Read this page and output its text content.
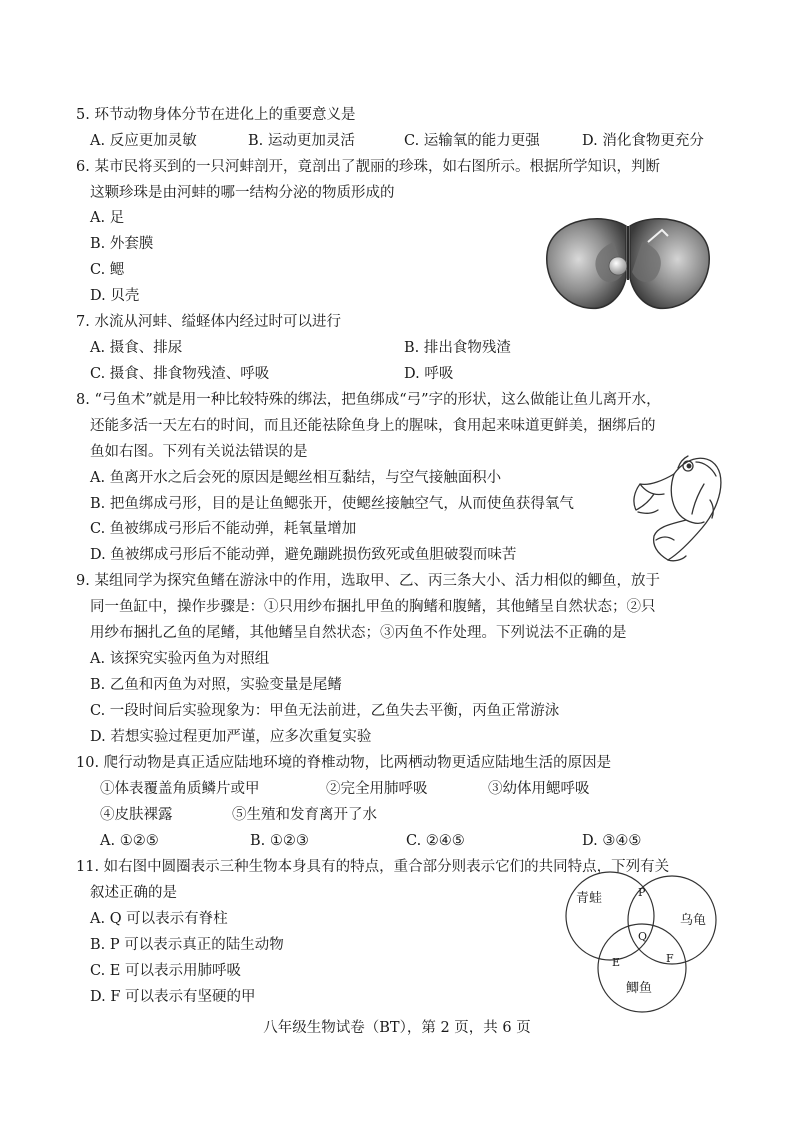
5. 环节动物身体分节在进化上的重要意义是
A. 反应更加灵敏	B. 运动更加灵活	C. 运输氧的能力更强	D. 消化食物更充分
6. 某市民将买到的一只河蚌剖开，竟剖出了靓丽的珍珠，如右图所示。根据所学知识，判断
这颗珍珠是由河蚌的哪一结构分泌的物质形成的
A. 足
B. 外套膜
C. 鳃
D. 贝壳
7. 水流从河蚌、缢蛏体内经过时可以进行
A. 摄食、排尿	B. 排出食物残渣
C. 摄食、排食物残渣、呼吸	D. 呼吸
8. “弓鱼术”就是用一种比较特殊的绑法，把鱼绑成“弓”字的形状，这么做能让鱼儿离开水，
还能多活一天左右的时间，而且还能祛除鱼身上的腥味，食用起来味道更鲜美，捆绑后的
鱼如右图。下列有关说法错误的是
A. 鱼离开水之后会死的原因是鳃丝相互黏结，与空气接触面积小
B. 把鱼绑成弓形，目的是让鱼鳃张开，使鳃丝接触空气，从而使鱼获得氧气
C. 鱼被绑成弓形后不能动弹，耗氧量增加
D. 鱼被绑成弓形后不能动弹，避免蹦跳损伤致死或鱼胆破裂而味苦
9. 某组同学为探究鱼鳍在游泳中的作用，选取甲、乙、丙三条大小、活力相似的鲫鱼，放于
同一鱼缸中，操作步骤是：①只用纱布捆扎甲鱼的胸鳍和腹鳍，其他鳍呈自然状态；②只
用纱布捆扎乙鱼的尾鳍，其他鳍呈自然状态；③丙鱼不作处理。下列说法不正确的是
A. 该探究实验丙鱼为对照组
B. 乙鱼和丙鱼为对照，实验变量是尾鳍
C. 一段时间后实验现象为：甲鱼无法前进，乙鱼失去平衡，丙鱼正常游泳
D. 若想实验过程更加严谨，应多次重复实验
10. 爬行动物是真正适应陆地环境的脊椎动物，比两栖动物更适应陆地生活的原因是
①体表覆盖角质鳞片或甲	②完全用肺呼吸	③幼体用鳃呼吸
④皮肤裸露	⑤生殖和发育离开了水
A. ①②⑤	B. ①②③	C. ②④⑤	D. ③④⑤
11. 如右图中圆圈表示三种生物本身具有的特点，重合部分则表示它们的共同特点，下列有关
叙述正确的是
A. Q 可以表示有脊柱
B. P 可以表示真正的陆生动物
C. E 可以表示用肺呼吸
D. F 可以表示有坚硬的甲
青蛙
乌龟
鲫鱼
P
Q
E	F
八年级生物试卷（BT），第 2 页，共 6 页
